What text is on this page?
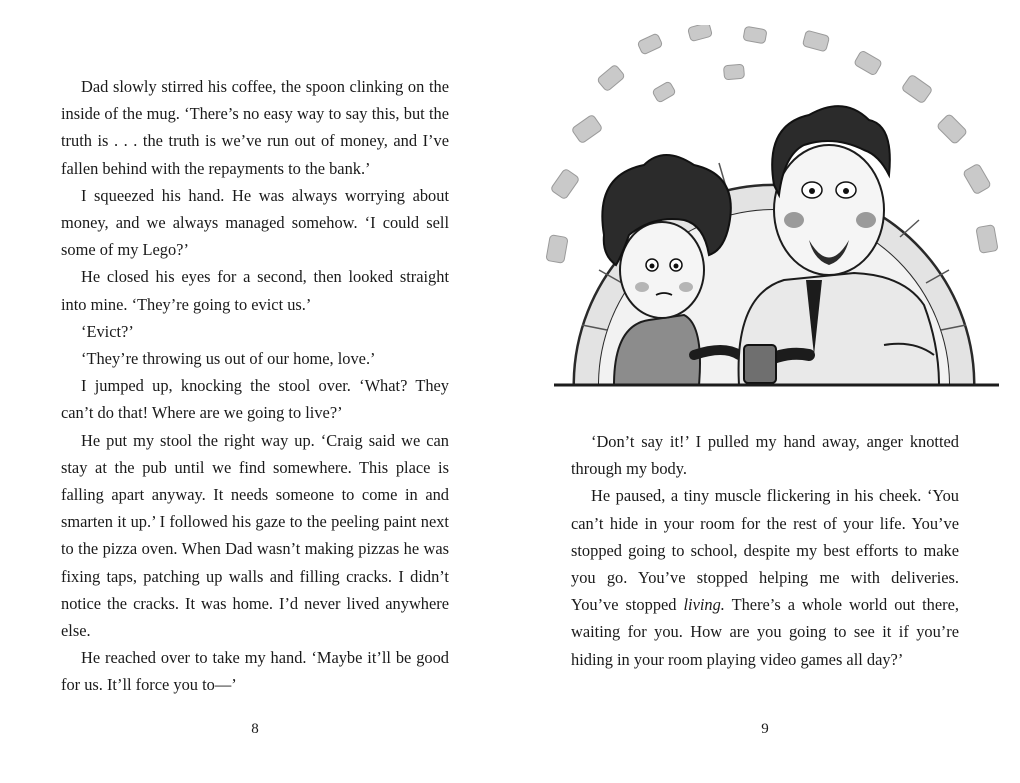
Dad slowly stirred his coffee, the spoon clinking on the inside of the mug. ‘There’s no easy way to say this, but the truth is . . . the truth is we’ve run out of money, and I’ve fallen behind with the repayments to the bank.’

I squeezed his hand. He was always worrying about money, and we always managed somehow. ‘I could sell some of my Lego?’

He closed his eyes for a second, then looked straight into mine. ‘They’re going to evict us.’

‘Evict?’

‘They’re throwing us out of our home, love.’

I jumped up, knocking the stool over. ‘What? They can’t do that! Where are we going to live?’

He put my stool the right way up. ‘Craig said we can stay at the pub until we find somewhere. This place is falling apart anyway. It needs someone to come in and smarten it up.’ I followed his gaze to the peeling paint next to the pizza oven. When Dad wasn’t making pizzas he was fixing taps, patching up walls and filling cracks. I didn’t notice the cracks. It was home. I’d never lived anywhere else.

He reached over to take my hand. ‘Maybe it’ll be good for us. It’ll force you to—’

8

‘Don’t say it!’ I pulled my hand away, anger knotted through my body.

He paused, a tiny muscle flickering in his cheek. ‘You can’t hide in your room for the rest of your life. You’ve stopped going to school, despite my best efforts to make you go. You’ve stopped helping me with deliveries. You’ve stopped living. There’s a whole world out there, waiting for you. How are you going to see it if you’re hiding in your room playing video games all day?’

9
